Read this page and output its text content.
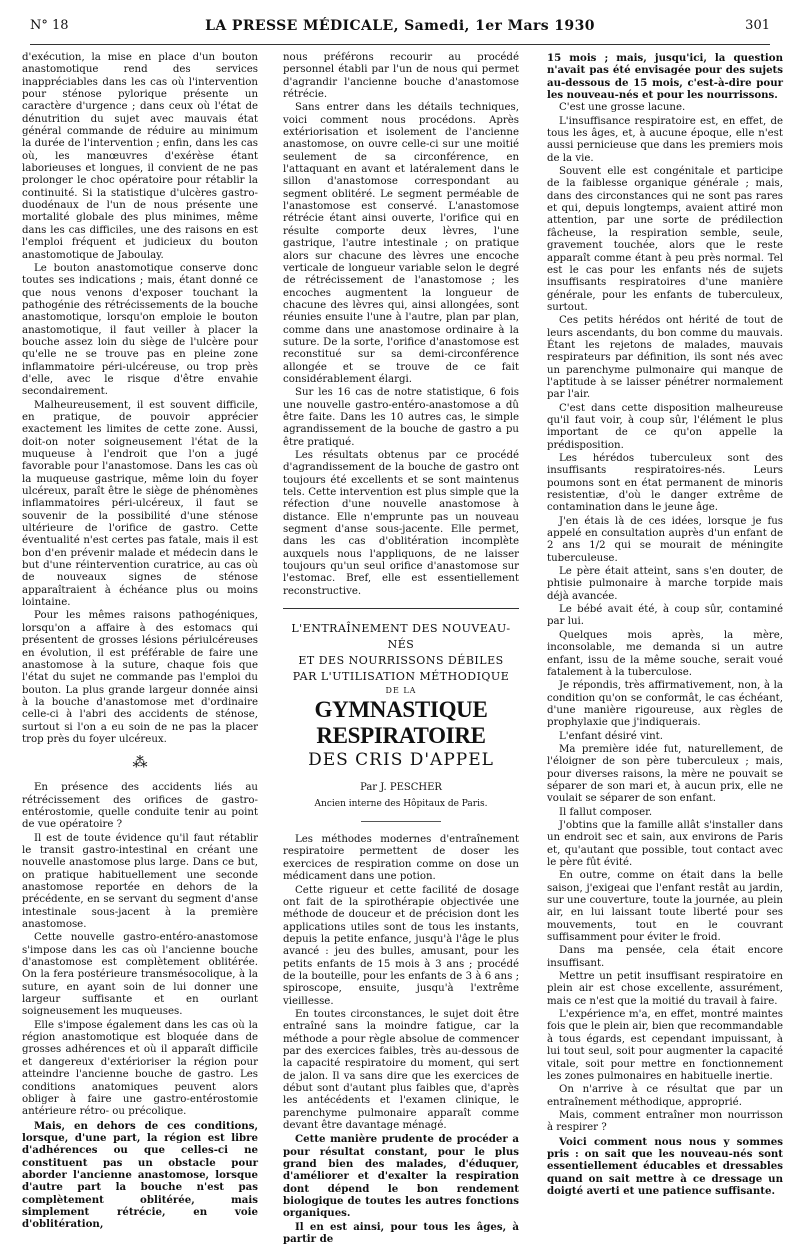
N° 18	LA PRESSE MÉDICALE, Samedi, 1er Mars 1930	301

d'exécution, la mise en place d'un bouton anastomotique rend des services inappréciables dans les cas où l'intervention pour sténose pylorique présente un caractère d'urgence ; dans ceux où l'état de dénutrition du sujet avec mauvais état général commande de réduire au minimum la durée de l'intervention ; enfin, dans les cas où, les manœuvres d'exérèse étant laborieuses et longues, il convient de ne pas prolonger le choc opératoire pour rétablir la continuité. Si la statistique d'ulcères gastro-duodénaux de l'un de nous présente une mortalité globale des plus minimes, même dans les cas difficiles, une des raisons en est l'emploi fréquent et judicieux du bouton anastomotique de Jaboulay.

Le bouton anastomotique conserve donc toutes ses indications ; mais, étant donné ce que nous venons d'exposer touchant la pathogénie des rétrécissements de la bouche anastomotique, lorsqu'on emploie le bouton anastomotique, il faut veiller à placer la bouche assez loin du siège de l'ulcère pour qu'elle ne se trouve pas en pleine zone inflammatoire péri-ulcéreuse, ou trop près d'elle, avec le risque d'être envahie secondairement.

Malheureusement, il est souvent difficile, en pratique, de pouvoir apprécier exactement les limites de cette zone. Aussi, doit-on noter soigneusement l'état de la muqueuse à l'endroit que l'on a jugé favorable pour l'anastomose. Dans les cas où la muqueuse gastrique, même loin du foyer ulcéreux, paraît être le siège de phénomènes inflammatoires péri-ulcéreux, il faut se souvenir de la possibilité d'une sténose ultérieure de l'orifice de gastro. Cette éventualité n'est certes pas fatale, mais il est bon d'en prévenir malade et médecin dans le but d'une réintervention curatrice, au cas où de nouveaux signes de sténose apparaîtraient à échéance plus ou moins lointaine.

Pour les mêmes raisons pathogéniques, lorsqu'on a affaire à des estomacs qui présentent de grosses lésions périulcéreuses en évolution, il est préférable de faire une anastomose à la suture, chaque fois que l'état du sujet ne commande pas l'emploi du bouton. La plus grande largeur donnée ainsi à la bouche d'anastomose met d'ordinaire celle-ci à l'abri des accidents de sténose, surtout si l'on a eu soin de ne pas la placer trop près du foyer ulcéreux.

⁂

En présence des accidents liés au rétrécissement des orifices de gastro-entérostomie, quelle conduite tenir au point de vue opératoire ?

Il est de toute évidence qu'il faut rétablir le transit gastro-intestinal en créant une nouvelle anastomose plus large. Dans ce but, on pratique habituellement une seconde anastomose reportée en dehors de la précédente, en se servant du segment d'anse intestinale sous-jacent à la première anastomose.

Cette nouvelle gastro-entéro-anastomose s'impose dans les cas où l'ancienne bouche d'anastomose est complètement oblitérée. On la fera postérieure transmésocolique, à la suture, en ayant soin de lui donner une largeur suffisante et en ourlant soigneusement les muqueuses.

Elle s'impose également dans les cas où la région anastomotique est bloquée dans de grosses adhérences et où il apparaît difficile et dangereux d'extérioriser la région pour atteindre l'ancienne bouche de gastro. Les conditions anatomiques peuvent alors obliger à faire une gastro-entérostomie antérieure rétro- ou précolique.

Mais, en dehors de ces conditions, lorsque, d'une part, la région est libre d'adhérences ou que celles-ci ne constituent pas un obstacle pour aborder l'ancienne anastomose, lorsque d'autre part la bouche n'est pas complètement oblitérée, mais simplement rétrécie, en voie d'oblitération,

nous préférons recourir au procédé personnel établi par l'un de nous qui permet d'agrandir l'ancienne bouche d'anastomose rétrécie.

Sans entrer dans les détails techniques, voici comment nous procédons. Après extériorisation et isolement de l'ancienne anastomose, on ouvre celle-ci sur une moitié seulement de sa circonférence, en l'attaquant en avant et latéralement dans le sillon d'anastomose correspondant au segment oblitéré. Le segment perméable de l'anastomose est conservé. L'anastomose rétrécie étant ainsi ouverte, l'orifice qui en résulte comporte deux lèvres, l'une gastrique, l'autre intestinale ; on pratique alors sur chacune des lèvres une encoche verticale de longueur variable selon le degré de rétrécissement de l'anastomose ; les encoches augmentent la longueur de chacune des lèvres qui, ainsi allongées, sont réunies ensuite l'une à l'autre, plan par plan, comme dans une anastomose ordinaire à la suture. De la sorte, l'orifice d'anastomose est reconstitué sur sa demi-circonférence allongée et se trouve de ce fait considérablement élargi.

Sur les 16 cas de notre statistique, 6 fois une nouvelle gastro-entéro-anastomose a dû être faite. Dans les 10 autres cas, le simple agrandissement de la bouche de gastro a pu être pratiqué.

Les résultats obtenus par ce procédé d'agrandissement de la bouche de gastro ont toujours été excellents et se sont maintenus tels. Cette intervention est plus simple que la réfection d'une nouvelle anastomose à distance. Elle n'emprunte pas un nouveau segment d'anse sous-jacente. Elle permet, dans les cas d'oblitération incomplète auxquels nous l'appliquons, de ne laisser toujours qu'un seul orifice d'anastomose sur l'estomac. Bref, elle est essentiellement reconstructive.

L'ENTRAÎNEMENT DES NOUVEAU-NÉS
ET DES NOURRISSONS DÉBILES
PAR L'UTILISATION MÉTHODIQUE
DE LA
GYMNASTIQUE RESPIRATOIRE
DES CRIS D'APPEL
Par J. PESCHER
Ancien interne des Hôpitaux de Paris.

Les méthodes modernes d'entraînement respiratoire permettent de doser les exercices de respiration comme on dose un médicament dans une potion.

Cette rigueur et cette facilité de dosage ont fait de la spirothérapie objectivée une méthode de douceur et de précision dont les applications utiles sont de tous les instants, depuis la petite enfance, jusqu'à l'âge le plus avancé : jeu des bulles, amusant, pour les petits enfants de 15 mois à 3 ans ; procédé de la bouteille, pour les enfants de 3 à 6 ans ; spiroscope, ensuite, jusqu'à l'extrême vieillesse.

En toutes circonstances, le sujet doit être entraîné sans la moindre fatigue, car la méthode a pour règle absolue de commencer par des exercices faibles, très au-dessous de la capacité respiratoire du moment, qui sert de jalon. Il va sans dire que les exercices de début sont d'autant plus faibles que, d'après les antécédents et l'examen clinique, le parenchyme pulmonaire apparaît comme devant être davantage ménagé.

Cette manière prudente de procéder a pour résultat constant, pour le plus grand bien des malades, d'éduquer, d'améliorer et d'exalter la respiration dont dépend le bon rendement biologique de toutes les autres fonctions organiques.

Il en est ainsi, pour tous les âges, à partir de

15 mois ; mais, jusqu'ici, la question n'avait pas été envisagée pour des sujets au-dessous de 15 mois, c'est-à-dire pour les nouveau-nés et pour les nourrissons.

C'est une grosse lacune.

L'insuffisance respiratoire est, en effet, de tous les âges, et, à aucune époque, elle n'est aussi pernicieuse que dans les premiers mois de la vie.

Souvent elle est congénitale et participe de la faiblesse organique générale ; mais, dans des circonstances qui ne sont pas rares et qui, depuis longtemps, avaient attiré mon attention, par une sorte de prédilection fâcheuse, la respiration semble, seule, gravement touchée, alors que le reste apparaît comme étant à peu près normal. Tel est le cas pour les enfants nés de sujets insuffisants respiratoires d'une manière générale, pour les enfants de tuberculeux, surtout.

Ces petits hérédos ont hérité de tout de leurs ascendants, du bon comme du mauvais. Étant les rejetons de malades, mauvais respirateurs par définition, ils sont nés avec un parenchyme pulmonaire qui manque de l'aptitude à se laisser pénétrer normalement par l'air.

C'est dans cette disposition malheureuse qu'il faut voir, à coup sûr, l'élément le plus important de ce qu'on appelle la prédisposition.

Les hérédos tuberculeux sont des insuffisants respiratoires-nés. Leurs poumons sont en état permanent de minoris resistentiæ, d'où le danger extrême de contamination dans le jeune âge.

J'en étais là de ces idées, lorsque je fus appelé en consultation auprès d'un enfant de 2 ans 1/2 qui se mourait de méningite tuberculeuse.

Le père était atteint, sans s'en douter, de phtisie pulmonaire à marche torpide mais déjà avancée.

Le bébé avait été, à coup sûr, contaminé par lui.

Quelques mois après, la mère, inconsolable, me demanda si un autre enfant, issu de la même souche, serait voué fatalement à la tuberculose.

Je répondis, très affirmativement, non, à la condition qu'on se conformât, le cas échéant, d'une manière rigoureuse, aux règles de prophylaxie que j'indiquerais.

L'enfant désiré vint.

Ma première idée fut, naturellement, de l'éloigner de son père tuberculeux ; mais, pour diverses raisons, la mère ne pouvait se séparer de son mari et, à aucun prix, elle ne voulait se séparer de son enfant.

Il fallut composer.

J'obtins que la famille allât s'installer dans un endroit sec et sain, aux environs de Paris et, qu'autant que possible, tout contact avec le père fût évité.

En outre, comme on était dans la belle saison, j'exigeai que l'enfant restât au jardin, sur une couverture, toute la journée, au plein air, en lui laissant toute liberté pour ses mouvements, tout en le couvrant suffisamment pour éviter le froid.

Dans ma pensée, cela était encore insuffisant.

Mettre un petit insuffisant respiratoire en plein air est chose excellente, assurément, mais ce n'est que la moitié du travail à faire.

L'expérience m'a, en effet, montré maintes fois que le plein air, bien que recommandable à tous égards, est cependant impuissant, à lui tout seul, soit pour augmenter la capacité vitale, soit pour mettre en fonctionnement les zones pulmonaires en habituelle inertie.

On n'arrive à ce résultat que par un entraînement méthodique, approprié.

Mais, comment entraîner mon nourrisson à respirer ?

Voici comment nous nous y sommes pris : on sait que les nouveau-nés sont essentiellement éducables et dressables quand on sait mettre à ce dressage un doigté averti et une patience suffisante.
